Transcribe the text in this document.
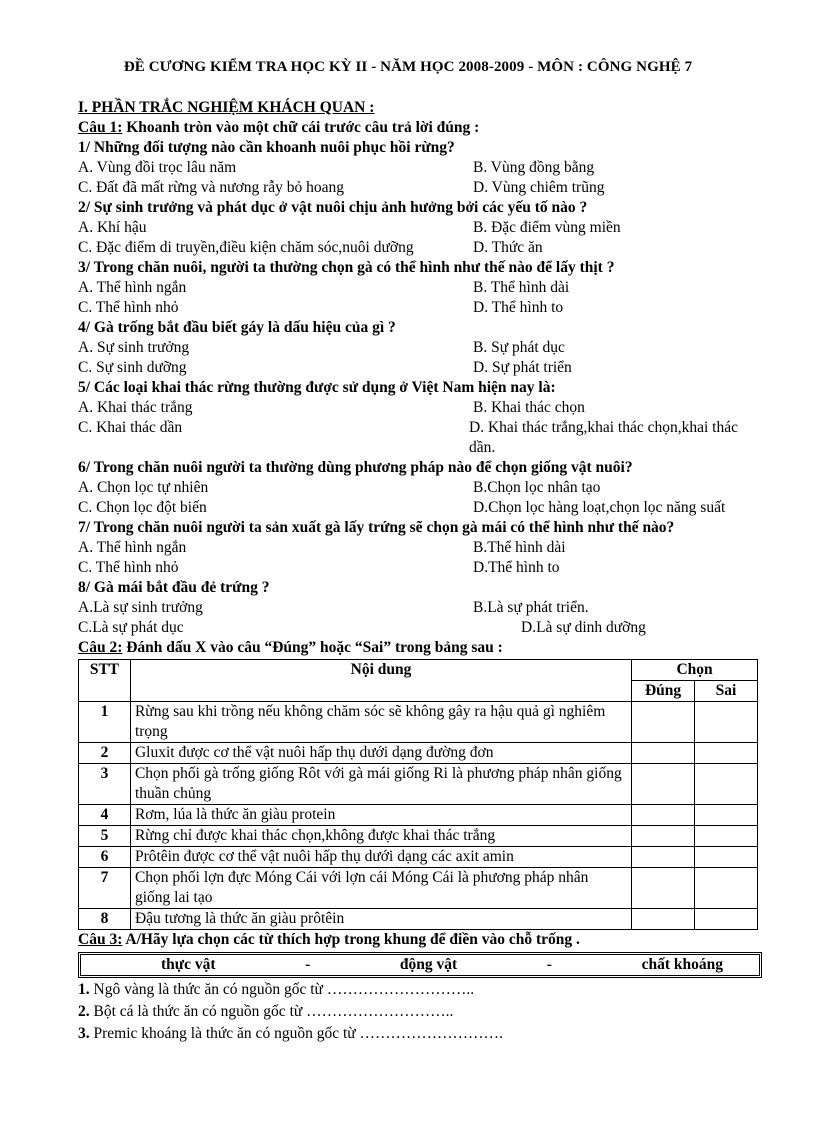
ĐỀ CƯƠNG KIỂM TRA HỌC KỲ II - NĂM HỌC 2008-2009 - MÔN : CÔNG NGHỆ 7
I. PHẦN TRẮC NGHIỆM KHÁCH QUAN :
Câu 1: Khoanh tròn vào một chữ cái trước câu trả lời đúng :
1/ Những đối tượng nào cần khoanh nuôi phục hồi rừng?
A. Vùng đồi trọc lâu năm	B. Vùng đồng bằng
C. Đất đã mất rừng và nương rẫy bỏ hoang	D. Vùng chiêm trũng
2/ Sự sinh trưởng và phát dục ở vật nuôi chịu ảnh hưởng bởi các yếu tố nào ?
A. Khí hậu	B. Đặc điểm vùng miền
C. Đặc điểm di truyền,điều kiện chăm sóc,nuôi dưỡng	D. Thức ăn
3/ Trong chăn nuôi, người ta thường chọn gà có thể hình như thế nào để lấy thịt ?
A. Thể hình ngắn	B. Thể hình dài
C. Thể hình nhỏ	D. Thể hình to
4/ Gà trống bắt đầu biết gáy là dấu hiệu của gì ?
A. Sự sinh trưởng	B. Sự phát dục
C. Sự sinh dưỡng	D. Sự phát triển
5/ Các loại khai thác rừng thường được sử dụng ở Việt Nam hiện nay là:
A. Khai thác trắng	B. Khai thác chọn
C. Khai thác dần	D. Khai thác trắng,khai thác chọn,khai thác dần.
6/ Trong chăn nuôi người ta thường dùng phương pháp nào để chọn giống vật nuôi?
A. Chọn lọc tự nhiên	B.Chọn lọc nhân tạo
C. Chọn lọc đột biến	D.Chọn lọc hàng loạt,chọn lọc năng suất
7/ Trong chăn nuôi người ta sản xuất gà lấy trứng sẽ chọn gà mái có thể hình như thế nào?
A. Thể hình ngắn	B.Thể hình dài
C. Thể hình nhỏ	D.Thể hình to
8/ Gà mái bắt đầu đẻ trứng ?
A.Là sự sinh trưởng	B.Là sự phát triển.
C.Là sự phát dục	D.Là sự dinh dưỡng
Câu 2: Đánh dấu X vào câu “Đúng” hoặc “Sai” trong bảng sau :
STT	Nội dung	Chọn	
		Đúng	Sai
1	Rừng sau khi trồng nếu không chăm sóc sẽ không gây ra hậu quả gì nghiêm trọng		
2	Gluxit được cơ thể vật nuôi hấp thụ dưới dạng đường đơn		
3	Chọn phối gà trống giống Rôt với gà mái giống Ri là phương pháp nhân giống thuần chủng		
4	Rơm, lúa là thức ăn giàu protein		
5	Rừng chỉ được khai thác chọn,không được khai thác trắng		
6	Prôtêin được cơ thể vật nuôi hấp thụ dưới dạng các axit amin		
7	Chọn phối lợn đực Móng Cái với lợn cái Móng Cái là phương pháp nhân giống lai tạo		
8	Đậu tương là thức ăn giàu prôtêin		
Câu 3: A/Hãy lựa chọn các từ thích hợp trong khung để điền vào chỗ trống .
thực vật	-	động vật	-	chất khoáng
1. Ngô vàng là thức ăn có nguồn gốc từ ………………………..
2. Bột cá là thức ăn có nguồn gốc từ ………………………..
3. Premic khoáng là thức ăn có nguồn gốc từ ……………………….
